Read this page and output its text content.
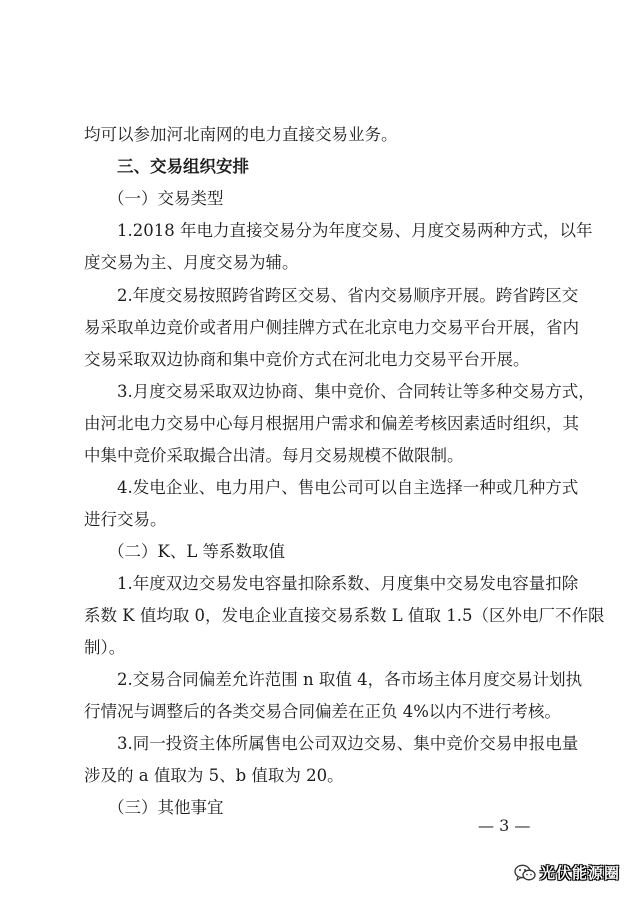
均可以参加河北南网的电力直接交易业务。

三、交易组织安排

（一）交易类型

1.2018 年电力直接交易分为年度交易、月度交易两种方式，以年

度交易为主、月度交易为辅。

2.年度交易按照跨省跨区交易、省内交易顺序开展。跨省跨区交

易采取单边竞价或者用户侧挂牌方式在北京电力交易平台开展，省内

交易采取双边协商和集中竞价方式在河北电力交易平台开展。

3.月度交易采取双边协商、集中竞价、合同转让等多种交易方式，

由河北电力交易中心每月根据用户需求和偏差考核因素适时组织，其

中集中竞价采取撮合出清。每月交易规模不做限制。

4.发电企业、电力用户、售电公司可以自主选择一种或几种方式

进行交易。

（二）K、L 等系数取值

1.年度双边交易发电容量扣除系数、月度集中交易发电容量扣除

系数 K 值均取 0，发电企业直接交易系数 L 值取 1.5（区外电厂不作限

制）。

2.交易合同偏差允许范围 n 取值 4，各市场主体月度交易计划执

行情况与调整后的各类交易合同偏差在正负 4%以内不进行考核。

3.同一投资主体所属售电公司双边交易、集中竞价交易申报电量

涉及的 a 值取为 5、b 值取为 20。

（三）其他事宜

— 3 —
光伏能源圈
